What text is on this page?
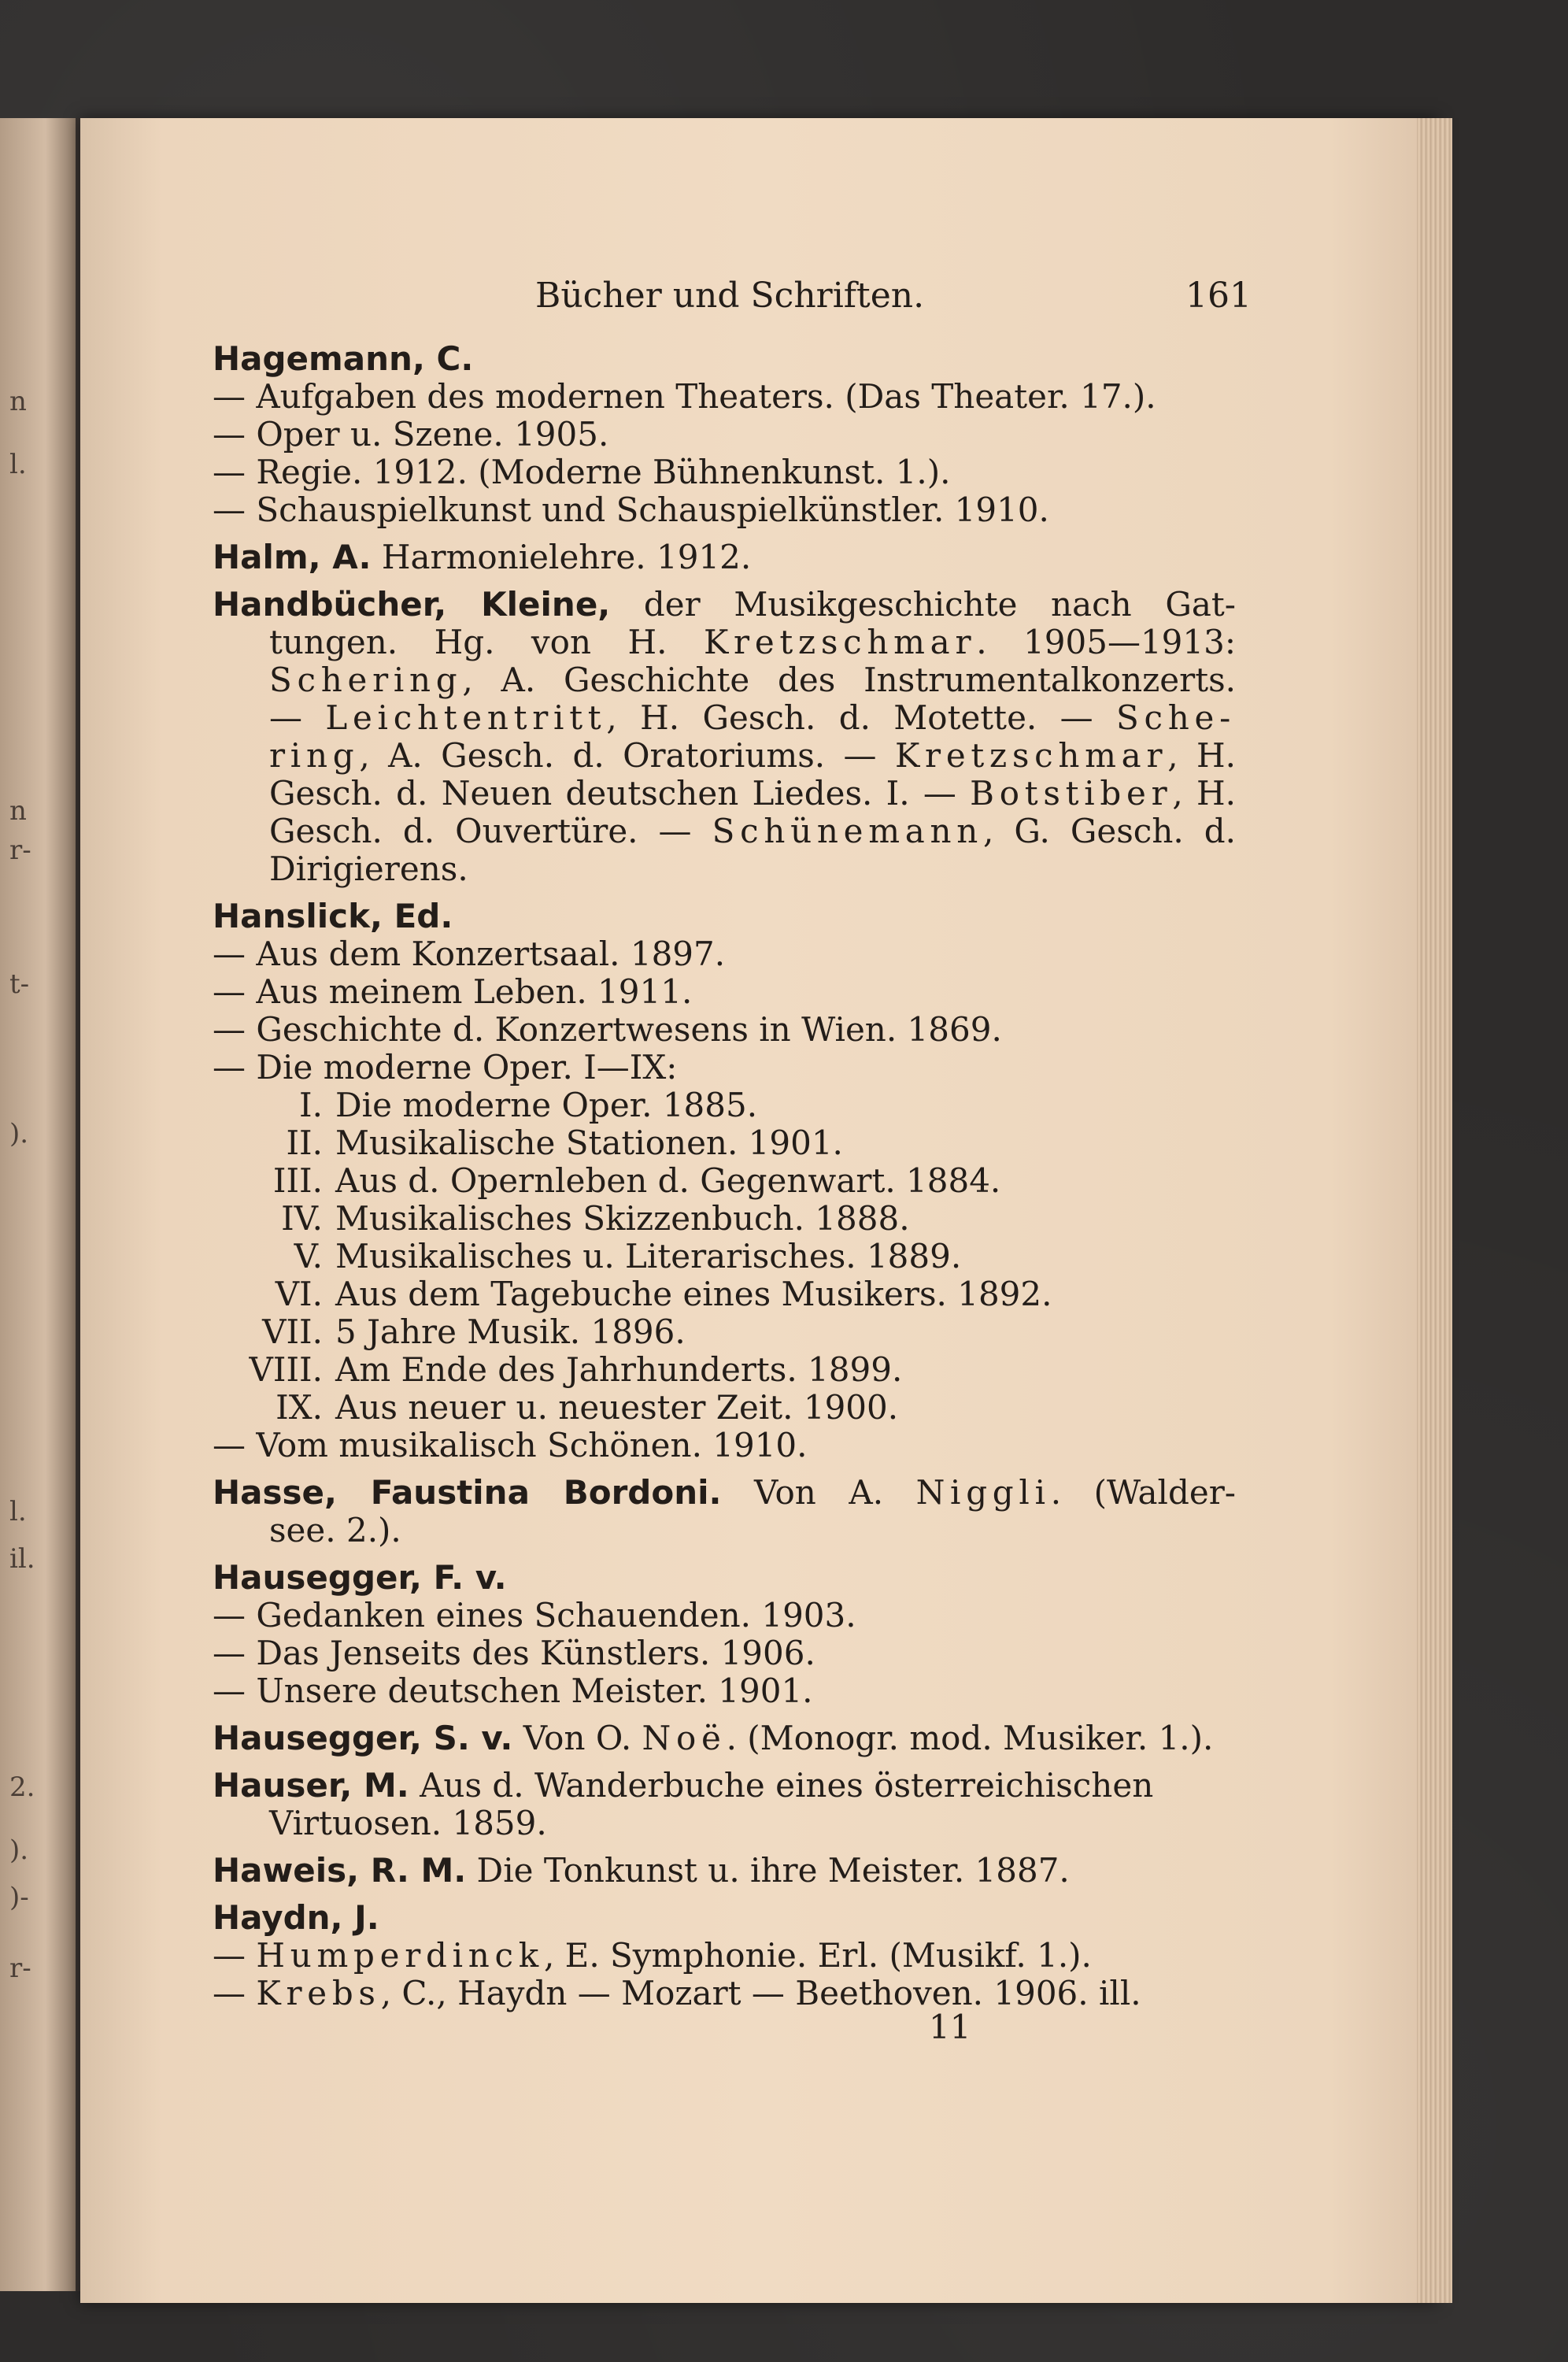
n
l.
n
r-
t-
).
l.
il.
2.
).
)-
r-
Bücher und Schriften.	161
Hagemann, C.
— Aufgaben des modernen Theaters. (Das Theater. 17.).
— Oper u. Szene. 1905.
— Regie. 1912. (Moderne Bühnenkunst. 1.).
— Schauspielkunst und Schauspielkünstler. 1910.
Halm, A. Harmonielehre. 1912.
Handbücher, Kleine, der Musikgeschichte nach Gat-
tungen. Hg. von H. Kretzschmar. 1905—1913:
Schering, A. Geschichte des Instrumentalkonzerts.
— Leichtentritt, H. Gesch. d. Motette. — Sche-
ring, A. Gesch. d. Oratoriums. — Kretzschmar, H.
Gesch. d. Neuen deutschen Liedes. I. — Botstiber, H.
Gesch. d. Ouvertüre. — Schünemann, G. Gesch. d.
Dirigierens.
Hanslick, Ed.
— Aus dem Konzertsaal. 1897.
— Aus meinem Leben. 1911.
— Geschichte d. Konzertwesens in Wien. 1869.
— Die moderne Oper. I—IX:
I. Die moderne Oper. 1885.
II. Musikalische Stationen. 1901.
III. Aus d. Opernleben d. Gegenwart. 1884.
IV. Musikalisches Skizzenbuch. 1888.
V. Musikalisches u. Literarisches. 1889.
VI. Aus dem Tagebuche eines Musikers. 1892.
VII. 5 Jahre Musik. 1896.
VIII. Am Ende des Jahrhunderts. 1899.
IX. Aus neuer u. neuester Zeit. 1900.
— Vom musikalisch Schönen. 1910.
Hasse, Faustina Bordoni. Von A. Niggli. (Walder-
see. 2.).
Hausegger, F. v.
— Gedanken eines Schauenden. 1903.
— Das Jenseits des Künstlers. 1906.
— Unsere deutschen Meister. 1901.
Hausegger, S. v. Von O. Noë. (Monogr. mod. Musiker. 1.).
Hauser, M. Aus d. Wanderbuche eines österreichischen
Virtuosen. 1859.
Haweis, R. M. Die Tonkunst u. ihre Meister. 1887.
Haydn, J.
— Humperdinck, E. Symphonie. Erl. (Musikf. 1.).
— Krebs, C., Haydn — Mozart — Beethoven. 1906. ill.
11
